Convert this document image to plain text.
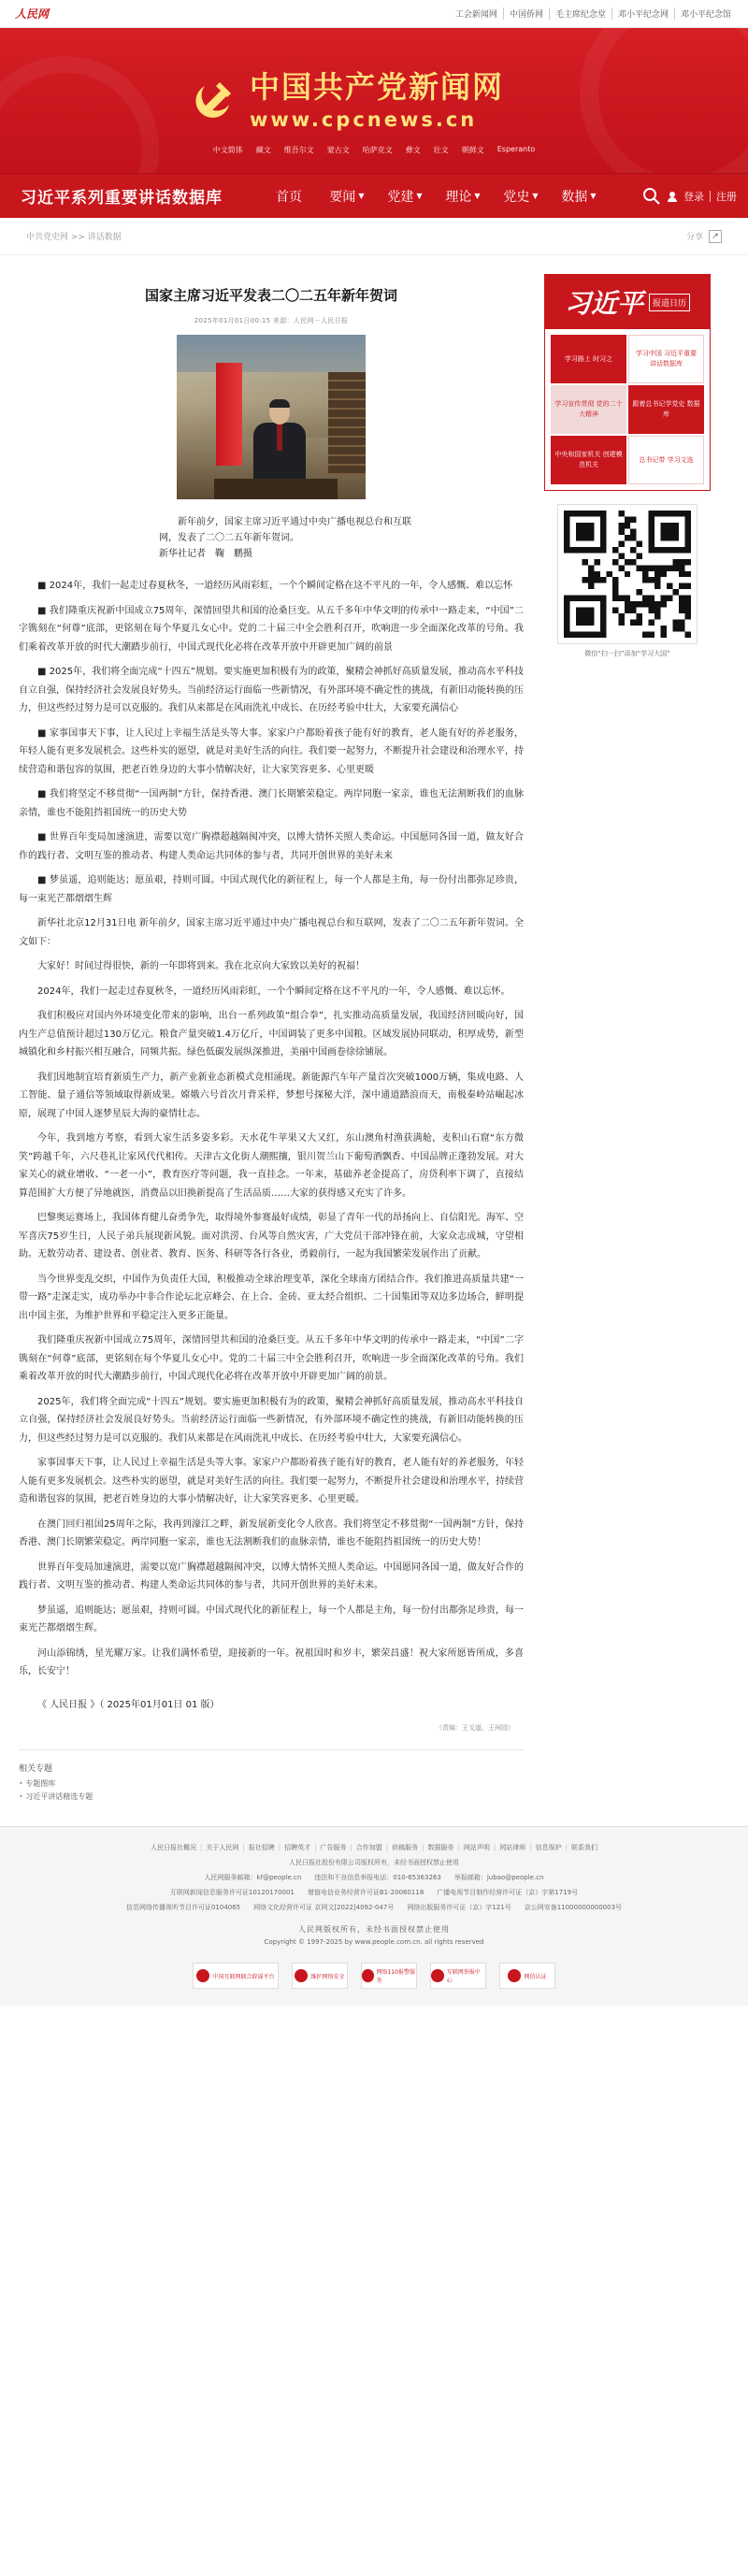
人民网	工会新闻网	中国侨网	毛主席纪念堂	邓小平纪念网	邓小平纪念馆
中国共产党新闻网
www.cpcnews.cn
中文简体 藏文 维吾尔文 蒙古文 哈萨克文 彝文 壮文 朝鲜文 Esperanto
习近平系列重要讲话数据库	首页 要闻 ▼ 党建 ▼ 理论 ▼ 党史 ▼ 数据 ▼	登录 注册
中共党史网 >> 讲话数据	分享	↗
国家主席习近平发表二〇二五年新年贺词
2025年01月01日00:15 来源：人民网－人民日报
新年前夕，国家主席习近平通过中央广播电视总台和互联网，发表了二〇二五年新年贺词。
新华社记者　鞠　鹏摄

■ 2024年，我们一起走过春夏秋冬，一道经历风雨彩虹，一个个瞬间定格在这不平凡的一年，令人感慨、难以忘怀

■ 我们隆重庆祝新中国成立75周年，深情回望共和国的沧桑巨变。从五千多年中华文明的传承中一路走来，“中国”二字镌刻在“何尊”底部，更铭刻在每个华夏儿女心中。党的二十届三中全会胜利召开，吹响进一步全面深化改革的号角。我们乘着改革开放的时代大潮踏步前行，中国式现代化必将在改革开放中开辟更加广阔的前景

■ 2025年，我们将全面完成“十四五”规划。要实施更加积极有为的政策，聚精会神抓好高质量发展，推动高水平科技自立自强，保持经济社会发展良好势头。当前经济运行面临一些新情况，有外部环境不确定性的挑战，有新旧动能转换的压力，但这些经过努力是可以克服的。我们从来都是在风雨洗礼中成长、在历经考验中壮大，大家要充满信心

■ 家事国事天下事，让人民过上幸福生活是头等大事。家家户户都盼着孩子能有好的教育，老人能有好的养老服务，年轻人能有更多发展机会。这些朴实的愿望，就是对美好生活的向往。我们要一起努力，不断提升社会建设和治理水平，持续营造和谐包容的氛围，把老百姓身边的大事小情解决好，让大家笑容更多、心里更暖

■ 我们将坚定不移贯彻“一国两制”方针，保持香港、澳门长期繁荣稳定。两岸同胞一家亲，谁也无法割断我们的血脉亲情，谁也不能阻挡祖国统一的历史大势

■ 世界百年变局加速演进，需要以宽广胸襟超越隔阂冲突，以博大情怀关照人类命运。中国愿同各国一道，做友好合作的践行者、文明互鉴的推动者、构建人类命运共同体的参与者，共同开创世界的美好未来

■ 梦虽遥，追则能达；愿虽艰，持则可圆。中国式现代化的新征程上，每一个人都是主角，每一份付出都弥足珍贵，每一束光芒都熠熠生辉

新华社北京12月31日电 新年前夕，国家主席习近平通过中央广播电视总台和互联网，发表了二〇二五年新年贺词。全文如下：

大家好！时间过得很快，新的一年即将到来。我在北京向大家致以美好的祝福！

2024年，我们一起走过春夏秋冬，一道经历风雨彩虹，一个个瞬间定格在这不平凡的一年，令人感慨、难以忘怀。

我们积极应对国内外环境变化带来的影响，出台一系列政策“组合拳”，扎实推动高质量发展，我国经济回暖向好，国内生产总值预计超过130万亿元。粮食产量突破1.4万亿斤，中国调装了更多中国粮。区域发展协同联动，积厚成势，新型城镇化和乡村振兴相互融合，同频共振。绿色低碳发展纵深推进，美丽中国画卷徐徐铺展。

我们因地制宜培育新质生产力，新产业新业态新模式竞相涌现。新能源汽车年产量首次突破1000万辆，集成电路、人工智能、量子通信等领域取得新成果。嫦娥六号首次月背采样，梦想号探秘大洋，深中通道踏浪而天，南极秦岭站崛起冰原，展现了中国人逐梦星辰大海的豪情壮志。

今年，我到地方考察，看到大家生活多姿多彩。天水花牛苹果又大又红，东山澳角村渔获满舱，麦积山石窟“东方微笑”跨越千年，六尺巷礼让家风代代相传。天津古文化街人潮熙攘，银川贺兰山下葡萄酒飘香、中国品牌正蓬勃发展。对大家关心的就业增收、“一老一小”，教育医疗等问题，我一直挂念。一年来，基础养老金提高了，房贷利率下调了，直接结算范围扩大方便了异地就医，消费品以旧换新提高了生活品质……大家的获得感又充实了许多。

巴黎奥运赛场上，我国体育健儿奋勇争先，取得境外参赛最好成绩，彰显了青年一代的昂扬向上、自信阳光。海军、空军喜庆75岁生日，人民子弟兵展现新风貌。面对洪涝、台风等自然灾害，广大党员干部冲锋在前，大家众志成城，守望相助。无数劳动者、建设者、创业者、教育、医务、科研等各行各业，勇毅前行，一起为我国繁荣发展作出了贡献。

当今世界变乱交织，中国作为负责任大国，积极推动全球治理变革，深化全球南方团结合作。我们推进高质量共建“一带一路”走深走实，成功举办中非合作论坛北京峰会、在上合、金砖、亚太经合组织、二十国集团等双边多边场合，鲜明提出中国主张，为维护世界和平稳定注入更多正能量。

我们隆重庆祝新中国成立75周年，深情回望共和国的沧桑巨变。从五千多年中华文明的传承中一路走来，“中国”二字镌刻在“何尊”底部，更铭刻在每个华夏儿女心中。党的二十届三中全会胜利召开，吹响进一步全面深化改革的号角。我们乘着改革开放的时代大潮踏步前行，中国式现代化必将在改革开放中开辟更加广阔的前景。

2025年，我们将全面完成“十四五”规划。要实施更加积极有为的政策，聚精会神抓好高质量发展，推动高水平科技自立自强，保持经济社会发展良好势头。当前经济运行面临一些新情况，有外部环境不确定性的挑战，有新旧动能转换的压力，但这些经过努力是可以克服的。我们从来都是在风雨洗礼中成长、在历经考验中壮大，大家要充满信心。

家事国事天下事，让人民过上幸福生活是头等大事。家家户户都盼着孩子能有好的教育，老人能有好的养老服务，年轻人能有更多发展机会。这些朴实的愿望，就是对美好生活的向往。我们要一起努力，不断提升社会建设和治理水平，持续营造和谐包容的氛围，把老百姓身边的大事小情解决好，让大家笑容更多、心里更暖。

在澳门回归祖国25周年之际，我再到濠江之畔，新发展新变化令人欣喜。我们将坚定不移贯彻“一国两制”方针，保持香港、澳门长期繁荣稳定。两岸同胞一家亲，谁也无法割断我们的血脉亲情，谁也不能阻挡祖国统一的历史大势！

世界百年变局加速演进，需要以宽广胸襟超越隔阂冲突，以博大情怀关照人类命运。中国愿同各国一道，做友好合作的践行者、文明互鉴的推动者、构建人类命运共同体的参与者，共同开创世界的美好未来。

梦虽遥，追则能达；愿虽艰，持则可圆。中国式现代化的新征程上，每一个人都是主角，每一份付出都弥足珍贵，每一束光芒都熠熠生辉。

河山添锦绣，星光耀万家。让我们满怀希望，迎接新的一年。祝祖国时和岁丰，繁荣昌盛！祝大家所愿皆所成，多喜乐，长安宁！

《 人民日报 》（ 2025年01月01日 01 版）

（责编：王戈道、王珂园）
相关专题
• 专题图库
• 习近平讲话精选专题
习近平	报道日历
学习路上 时习之
学习中国 习近平重要讲话数据库
学习宣传贯彻 党的二十大精神
跟着总书记学党史 数据库
中央和国家机关 创建模范机关
总书记带 学习文选
微信“扫一扫”添加“学习大国”
人民日报社概况 | 关于人民网 | 报社招聘 | 招聘英才 | 广告服务 | 合作加盟 | 供稿服务 | 数据服务 | 网站声明 | 网站律师 | 信息保护 | 联系我们
人民日报社股份有限公司版权所有，未经书面授权禁止使用
人民网服务邮箱：kf@people.cn　　违法和不良信息举报电话：010-65363263　　举报邮箱：jubao@people.cn
互联网新闻信息服务许可证10120170001　　增值电信业务经营许可证B1-20060118　　广播电视节目制作经营许可证（京）字第1719号
信息网络传播视听节目许可证0104065　　网络文化经营许可证 京网文[2022]4092-047号　　网络出版服务许可证（京）字121号　　京公网安备11000000000003号
人民网版权所有，未经书面授权禁止使用
Copyright © 1997-2025 by www.people.com.cn. all rights reserved
中国互联网联合辟谣平台	维护网络安全
网络110报警服务
互联网举报中心
网信认证
